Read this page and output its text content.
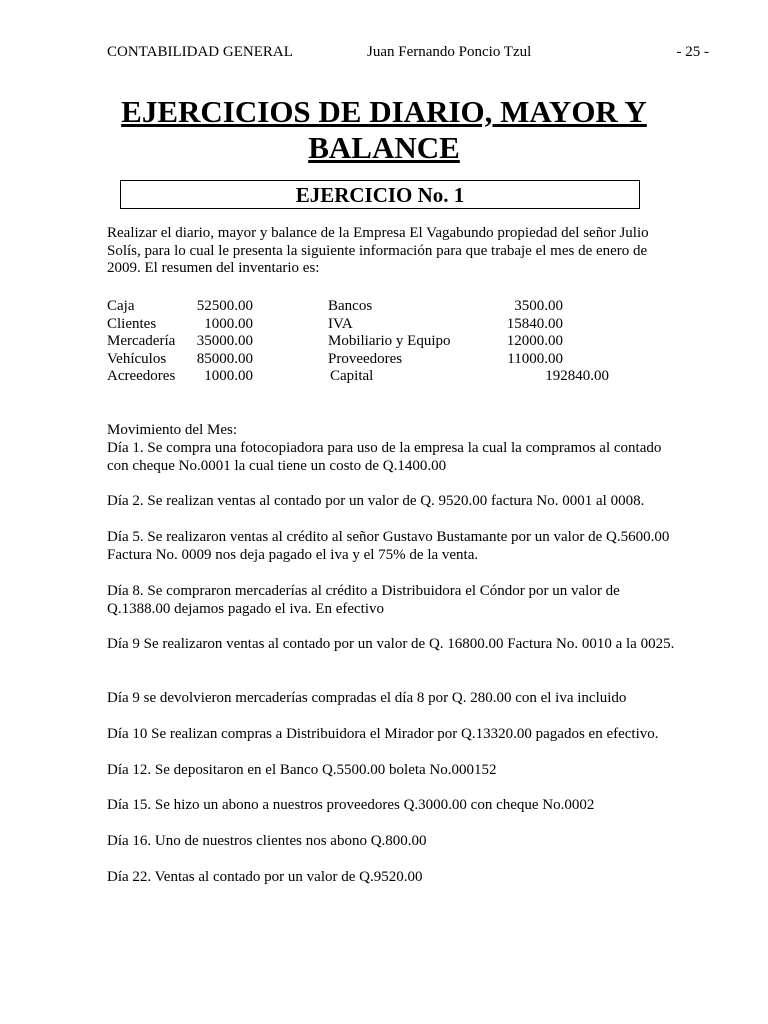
CONTABILIDAD GENERAL	Juan Fernando Poncio Tzul	- 25 -
EJERCICIOS DE DIARIO, MAYOR Y
BALANCE
EJERCICIO No. 1
Realizar el diario, mayor y balance de la Empresa El Vagabundo propiedad del señor Julio Solís, para lo cual le presenta la siguiente información para que trabaje el mes de enero de 2009. El resumen del inventario es:
Caja	52500.00	Bancos	3500.00
Clientes	1000.00	IVA	15840.00
Mercadería 35000.00	Mobiliario y Equipo	12000.00
Vehículos 85000.00	Proveedores	11000.00
Acreedores 1000.00	Capital	192840.00
Movimiento del Mes:
Día 1. Se compra una fotocopiadora para uso de la empresa la cual la compramos al contado con cheque No.0001 la cual tiene un costo de Q.1400.00
Día 2. Se realizan ventas al contado por un valor de Q. 9520.00 factura No. 0001 al 0008.
Día 5. Se realizaron ventas al crédito al señor Gustavo Bustamante por un valor de Q.5600.00 Factura No. 0009 nos deja pagado el iva y el 75% de la venta.
Día 8. Se compraron mercaderías al crédito a Distribuidora el Cóndor por un valor de Q.1388.00 dejamos pagado el iva. En efectivo
Día 9 Se realizaron ventas al contado por un valor de Q. 16800.00 Factura No. 0010 a la 0025.
Día 9 se devolvieron mercaderías compradas el día 8 por Q. 280.00 con el iva incluido
Día 10 Se realizan compras a Distribuidora el Mirador por Q.13320.00 pagados en efectivo.
Día 12. Se depositaron en el Banco Q.5500.00 boleta No.000152
Día 15. Se hizo un abono a nuestros proveedores Q.3000.00 con cheque No.0002
Día 16. Uno de nuestros clientes nos abono Q.800.00
Día 22. Ventas al contado por un valor de Q.9520.00
